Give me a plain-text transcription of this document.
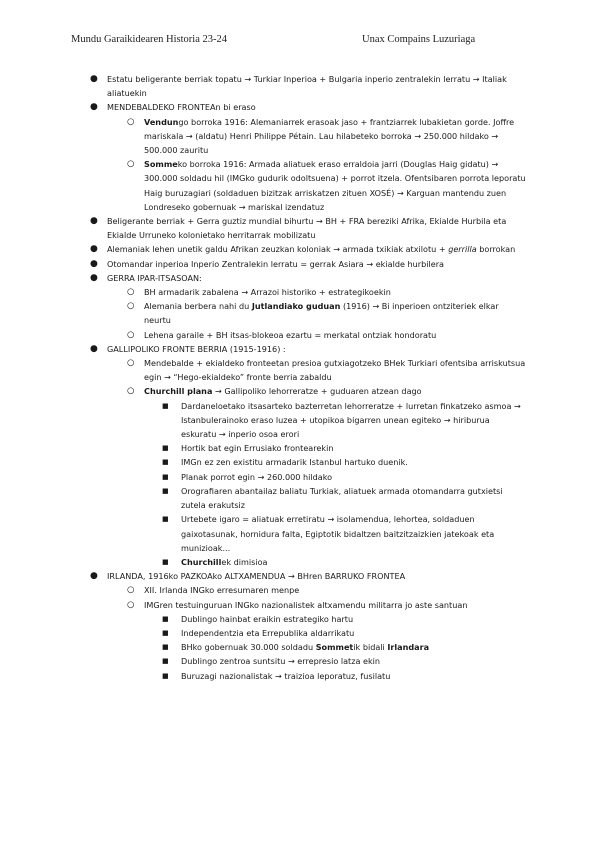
Mundu Garaikidearen Historia 23-24	Unax Compains Luzuriaga
● Estatu beligerante berriak topatu → Turkiar Inperioa + Bulgaria inperio zentralekin lerratu → Italiak aliatuekin
● MENDEBALDEKO FRONTEAn bi eraso
○ Vendungo borroka 1916: Alemaniarrek erasoak jaso + frantziarrek lubakietan gorde. Joffre mariskala → (aldatu) Henri Philippe Pétain. Lau hilabeteko borroka → 250.000 hildako → 500.000 zauritu
○ Sommeko borroka 1916: Armada aliatuek eraso erraldoia jarri (Douglas Haig gidatu) → 300.000 soldadu hil (IMGko gudurik odoltsuena) + porrot itzela. Ofentsibaren porrota leporatu Haig buruzagiari (soldaduen bizitzak arriskatzen zituen XOSÉ) → Karguan mantendu zuen Londreseko gobernuak → mariskal izendatuz
● Beligerante berriak + Gerra guztiz mundial bihurtu → BH + FRA bereziki Afrika, Ekialde Hurbila eta Ekialde Urruneko kolonietako herritarrak mobilizatu
● Alemaniak lehen unetik galdu Afrikan zeuzkan koloniak → armada txikiak atxilotu + gerrilla borrokan
● Otomandar inperioa Inperio Zentralekin lerratu = gerrak Asiara → ekialde hurbilera
● GERRA IPAR-ITSASOAN:
○ BH armadarik zabalena → Arrazoi historiko + estrategikoekin
○ Alemania berbera nahi du Jutlandiako guduan (1916) → Bi inperioen ontziteriek elkar neurtu
○ Lehena garaile + BH itsas-blokeoa ezartu = merkatal ontziak hondoratu
● GALLIPOLIKO FRONTE BERRIA (1915-1916) :
○ Mendebalde + ekialdeko fronteetan presioa gutxiagotzeko BHek Turkiari ofentsiba arriskutsua egin → “Hego-ekialdeko” fronte berria zabaldu
○ Churchill plana → Gallipoliko lehorreratze + guduaren atzean dago
■ Dardaneloetako itsasarteko bazterretan lehorreratze + lurretan finkatzeko asmoa → Istanbulerainoko eraso luzea + utopikoa bigarren unean egiteko → hiriburua eskuratu → inperio osoa erori
■ Hortik bat egin Errusiako frontearekin
■ IMGn ez zen existitu armadarik Istanbul hartuko duenik.
■ Planak porrot egin → 260.000 hildako
■ Orografiaren abantailaz baliatu Turkiak, aliatuek armada otomandarra gutxietsi zutela erakutsiz
■ Urtebete igaro = aliatuak erretiratu → isolamendua, lehortea, soldaduen gaixotasunak, hornidura falta, Egiptotik bidaltzen baitzitzaizkien jatekoak eta munizioak...
■ Churchillek dimisioa
● IRLANDA, 1916ko PAZKOAko ALTXAMENDUA → BHren BARRUKO FRONTEA
○ XII. Irlanda INGko erresumaren menpe
○ IMGren testuinguruan INGko nazionalistek altxamendu militarra jo aste santuan
■ Dublingo hainbat eraikin estrategiko hartu
■ Independentzia eta Errepublika aldarrikatu
■ BHko gobernuak 30.000 soldadu Sommetik bidali Irlandara
■ Dublingo zentroa suntsitu → errepresio latza ekin
■ Buruzagi nazionalistak → traizioa leporatuz, fusilatu
